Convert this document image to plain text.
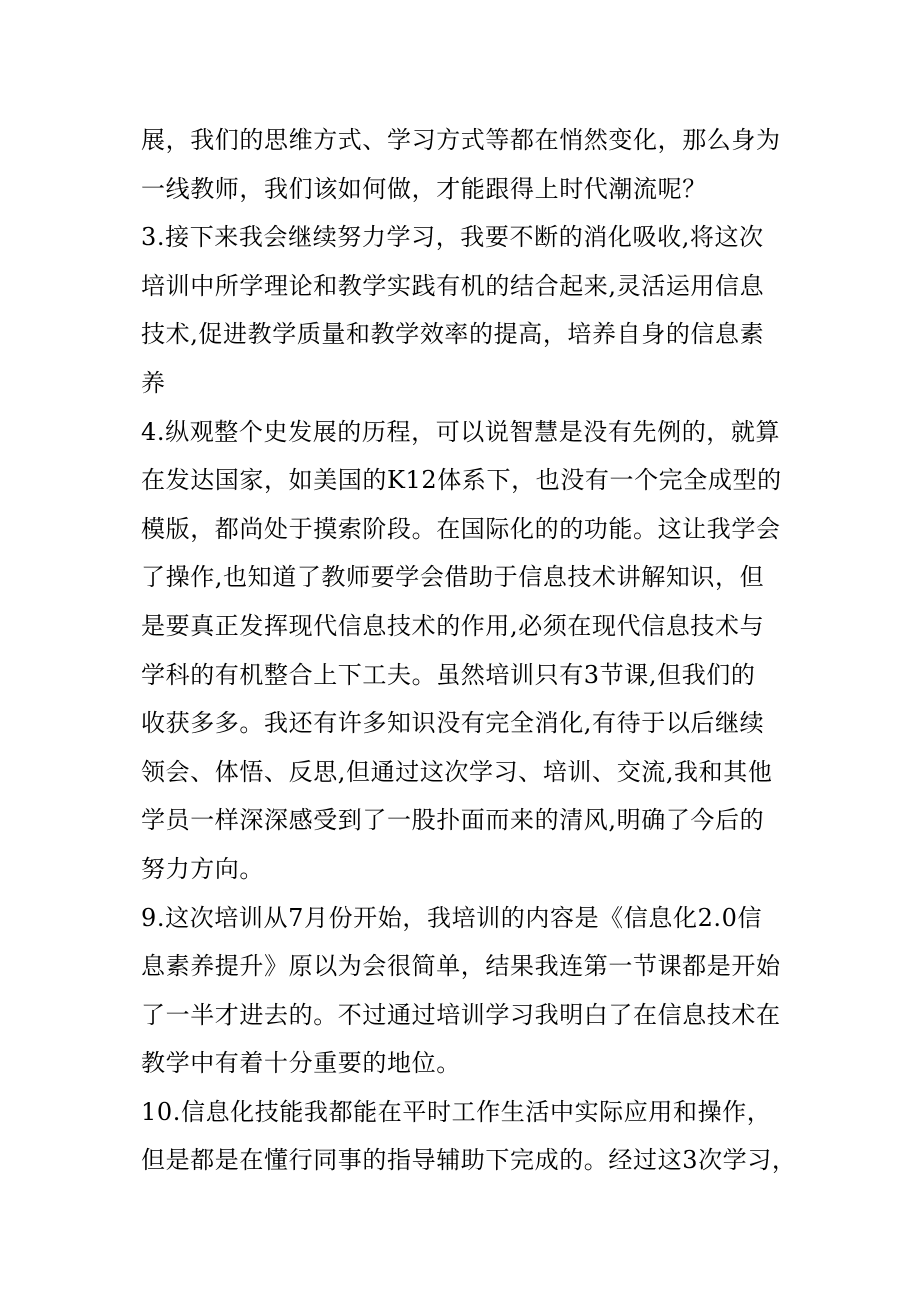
展，我们的思维方式、学习方式等都在悄然变化，那么身为
一线教师，我们该如何做，才能跟得上时代潮流呢？
3.接下来我会继续努力学习，我要不断的消化吸收,将这次
培训中所学理论和教学实践有机的结合起来,灵活运用信息
技术,促进教学质量和教学效率的提高，培养自身的信息素
养
4.纵观整个史发展的历程，可以说智慧是没有先例的，就算
在发达国家，如美国的K12体系下，也没有一个完全成型的
模版，都尚处于摸索阶段。在国际化的的功能。这让我学会
了操作,也知道了教师要学会借助于信息技术讲解知识，但
是要真正发挥现代信息技术的作用,必须在现代信息技术与
学科的有机整合上下工夫。虽然培训只有3节课,但我们的
收获多多。我还有许多知识没有完全消化,有待于以后继续
领会、体悟、反思,但通过这次学习、培训、交流,我和其他
学员一样深深感受到了一股扑面而来的清风,明确了今后的
努力方向。
9.这次培训从7月份开始，我培训的内容是《信息化2.0信
息素养提升》原以为会很简单，结果我连第一节课都是开始
了一半才进去的。不过通过培训学习我明白了在信息技术在
教学中有着十分重要的地位。
10.信息化技能我都能在平时工作生活中实际应用和操作，
但是都是在懂行同事的指导辅助下完成的。经过这3次学习，
